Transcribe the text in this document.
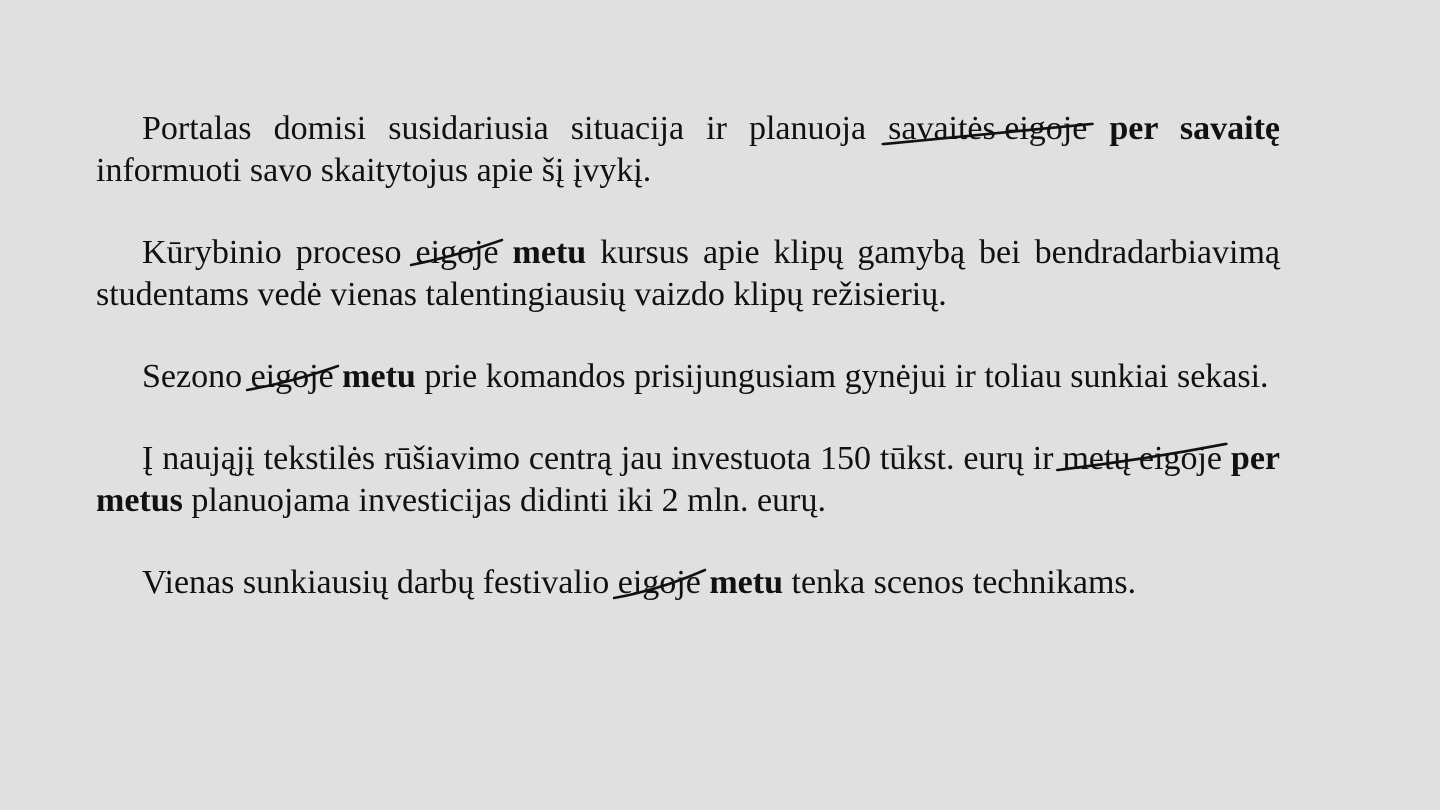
Portalas domisi susidariusia situacija ir planuoja savaitės eigoje per savaitę informuoti savo skaitytojus apie šį įvykį.

Kūrybinio proceso eigoje metu kursus apie klipų gamybą bei bendradarbiavimą studentams vedė vienas talentingiausių vaizdo klipų režisierių.

Sezono eigoje metu prie komandos prisijungusiam gynėjui ir toliau sunkiai sekasi.

Į naująjį tekstilės rūšiavimo centrą jau investuota 150 tūkst. eurų ir metų eigoje per metus planuojama investicijas didinti iki 2 mln. eurų.

Vienas sunkiausių darbų festivalio eigoje metu tenka scenos technikams.
